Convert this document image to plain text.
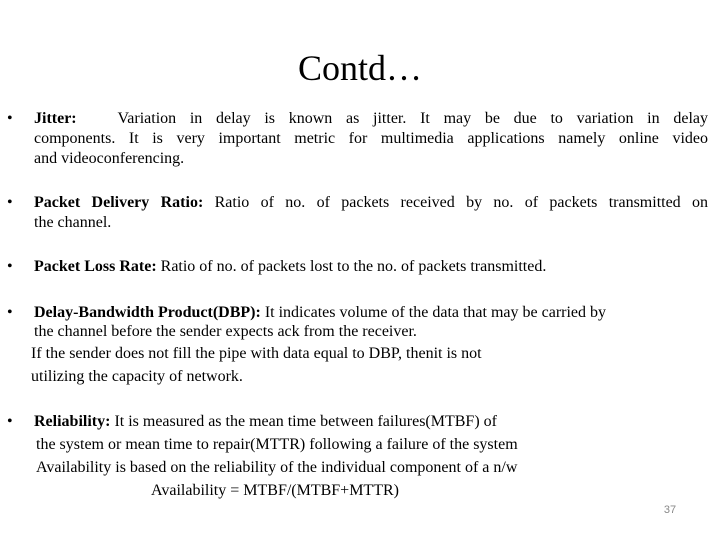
Contd…
• Jitter:	Variation in delay is known as jitter. It may be due to variation in delay
components. It is very important metric for multimedia applications namely online video
and videoconferencing.
• Packet Delivery Ratio: Ratio of no. of packets received by no. of packets transmitted on
the channel.
• Packet Loss Rate: Ratio of no. of packets lost to the no. of packets transmitted.
• Delay-Bandwidth Product(DBP): It indicates volume of the data that may be carried by
the channel before the sender expects ack from the receiver.
If the sender does not fill the pipe with data equal to DBP, thenit is not
utilizing the capacity of network.
• Reliability: It is measured as the mean time between failures(MTBF) of
the system or mean time to repair(MTTR) following a failure of the system
Availability is based on the reliability of the individual component of a n/w
Availability = MTBF/(MTBF+MTTR)
37
